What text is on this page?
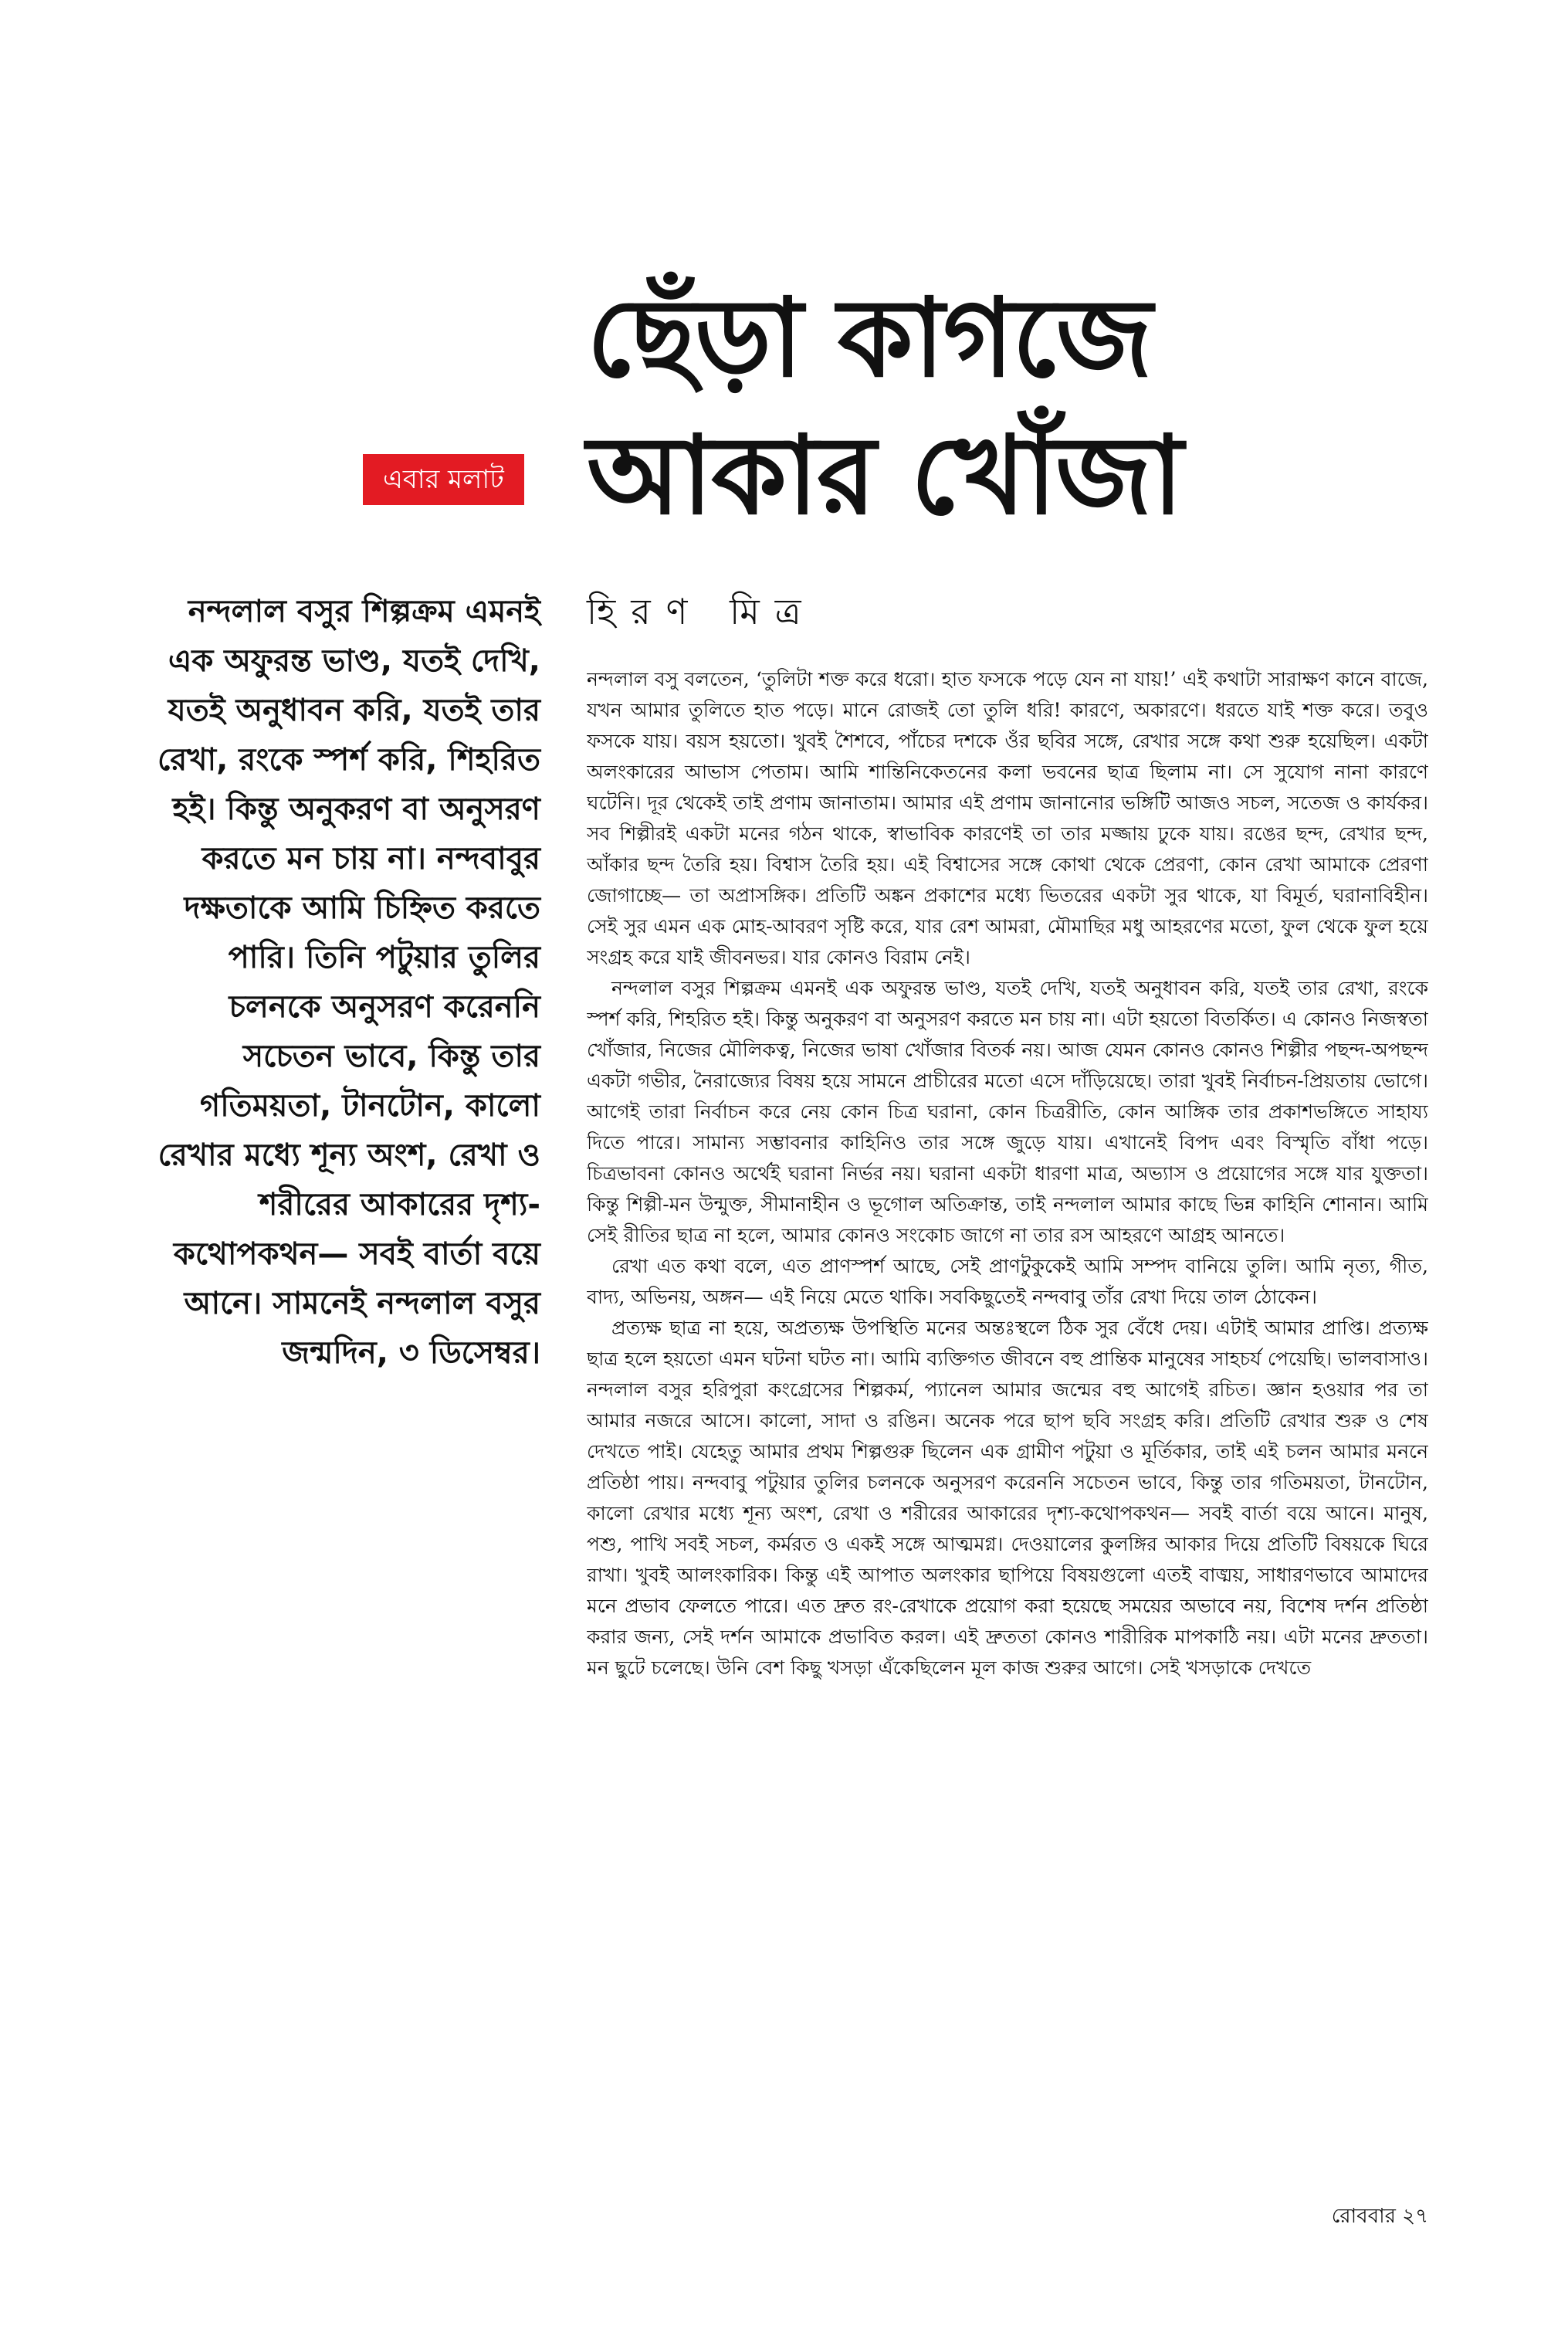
ছেঁড়া কাগজে
আকার খোঁজা
এবার মলাট

নন্দলাল বসুর শিল্পক্রম এমনই এক অফুরন্ত ভাণ্ড, যতই দেখি, যতই অনুধাবন করি, যতই তার রেখা, রংকে স্পর্শ করি, শিহরিত হই। কিন্তু অনুকরণ বা অনুসরণ করতে মন চায় না। নন্দবাবুর দক্ষতাকে আমি চিহ্নিত করতে পারি। তিনি পটুয়ার তুলির চলনকে অনুসরণ করেননি সচেতন ভাবে, কিন্তু তার গতিময়তা, টানটোন, কালো রেখার মধ্যে শূন্য অংশ, রেখা ও শরীরের আকারের দৃশ্য-কথোপকথন— সবই বার্তা বয়ে আনে। সামনেই নন্দলাল বসুর জন্মদিন, ৩ ডিসেম্বর।

হিরণ মিত্র

নন্দলাল বসু বলতেন, ‘তুলিটা শক্ত করে ধরো। হাত ফসকে পড়ে যেন না যায়!’ এই কথাটা সারাক্ষণ কানে বাজে, যখন আমার তুলিতে হাত পড়ে। মানে রোজই তো তুলি ধরি! কারণে, অকারণে। ধরতে যাই শক্ত করে। তবুও ফসকে যায়। বয়স হয়তো। খুবই শৈশবে, পাঁচের দশকে ওঁর ছবির সঙ্গে, রেখার সঙ্গে কথা শুরু হয়েছিল। একটা অলংকারের আভাস পেতাম। আমি শান্তিনিকেতনের কলা ভবনের ছাত্র ছিলাম না। সে সুযোগ নানা কারণে ঘটেনি। দূর থেকেই তাই প্রণাম জানাতাম। আমার এই প্রণাম জানানোর ভঙ্গিটি আজও সচল, সতেজ ও কার্যকর। সব শিল্পীরই একটা মনের গঠন থাকে, স্বাভাবিক কারণেই তা তার মজ্জায় ঢুকে যায়। রঙের ছন্দ, রেখার ছন্দ, আঁকার ছন্দ তৈরি হয়। বিশ্বাস তৈরি হয়। এই বিশ্বাসের সঙ্গে কোথা থেকে প্রেরণা, কোন রেখা আমাকে প্রেরণা জোগাচ্ছে— তা অপ্রাসঙ্গিক। প্রতিটি অঙ্কন প্রকাশের মধ্যে ভিতরের একটা সুর থাকে, যা বিমূর্ত, ঘরানাবিহীন। সেই সুর এমন এক মোহ-আবরণ সৃষ্টি করে, যার রেশ আমরা, মৌমাছির মধু আহরণের মতো, ফুল থেকে ফুল হয়ে সংগ্রহ করে যাই জীবনভর। যার কোনও বিরাম নেই।

নন্দলাল বসুর শিল্পক্রম এমনই এক অফুরন্ত ভাণ্ড, যতই দেখি, যতই অনুধাবন করি, যতই তার রেখা, রংকে স্পর্শ করি, শিহরিত হই। কিন্তু অনুকরণ বা অনুসরণ করতে মন চায় না। এটা হয়তো বিতর্কিত। এ কোনও নিজস্বতা খোঁজার, নিজের মৌলিকত্ব, নিজের ভাষা খোঁজার বিতর্ক নয়। আজ যেমন কোনও কোনও শিল্পীর পছন্দ-অপছন্দ একটা গভীর, নৈরাজ্যের বিষয় হয়ে সামনে প্রাচীরের মতো এসে দাঁড়িয়েছে। তারা খুবই নির্বাচন-প্রিয়তায় ভোগে। আগেই তারা নির্বাচন করে নেয় কোন চিত্র ঘরানা, কোন চিত্ররীতি, কোন আঙ্গিক তার প্রকাশভঙ্গিতে সাহায্য দিতে পারে। সামান্য সম্ভাবনার কাহিনিও তার সঙ্গে জুড়ে যায়। এখানেই বিপদ এবং বিস্মৃতি বাঁধা পড়ে। চিত্রভাবনা কোনও অর্থেই ঘরানা নির্ভর নয়। ঘরানা একটা ধারণা মাত্র, অভ্যাস ও প্রয়োগের সঙ্গে যার যুক্ততা। কিন্তু শিল্পী-মন উন্মুক্ত, সীমানাহীন ও ভূগোল অতিক্রান্ত, তাই নন্দলাল আমার কাছে ভিন্ন কাহিনি শোনান। আমি সেই রীতির ছাত্র না হলে, আমার কোনও সংকোচ জাগে না তার রস আহরণে আগ্রহ আনতে।

রেখা এত কথা বলে, এত প্রাণস্পর্শ আছে, সেই প্রাণটুকুকেই আমি সম্পদ বানিয়ে তুলি। আমি নৃত্য, গীত, বাদ্য, অভিনয়, অঙ্গন— এই নিয়ে মেতে থাকি। সবকিছুতেই নন্দবাবু তাঁর রেখা দিয়ে তাল ঠোকেন।

প্রত্যক্ষ ছাত্র না হয়ে, অপ্রত্যক্ষ উপস্থিতি মনের অন্তঃস্থলে ঠিক সুর বেঁধে দেয়। এটাই আমার প্রাপ্তি। প্রত্যক্ষ ছাত্র হলে হয়তো এমন ঘটনা ঘটত না। আমি ব্যক্তিগত জীবনে বহু প্রান্তিক মানুষের সাহচর্য পেয়েছি। ভালবাসাও। নন্দলাল বসুর হরিপুরা কংগ্রেসের শিল্পকর্ম, প্যানেল আমার জন্মের বহু আগেই রচিত। জ্ঞান হওয়ার পর তা আমার নজরে আসে। কালো, সাদা ও রঙিন। অনেক পরে ছাপ ছবি সংগ্রহ করি। প্রতিটি রেখার শুরু ও শেষ দেখতে পাই। যেহেতু আমার প্রথম শিল্পগুরু ছিলেন এক গ্রামীণ পটুয়া ও মূর্তিকার, তাই এই চলন আমার মননে প্রতিষ্ঠা পায়। নন্দবাবু পটুয়ার তুলির চলনকে অনুসরণ করেননি সচেতন ভাবে, কিন্তু তার গতিময়তা, টানটোন, কালো রেখার মধ্যে শূন্য অংশ, রেখা ও শরীরের আকারের দৃশ্য-কথোপকথন— সবই বার্তা বয়ে আনে। মানুষ, পশু, পাখি সবই সচল, কর্মরত ও একই সঙ্গে আত্মমগ্ন। দেওয়ালের কুলঙ্গির আকার দিয়ে প্রতিটি বিষয়কে ঘিরে রাখা। খুবই আলংকারিক। কিন্তু এই আপাত অলংকার ছাপিয়ে বিষয়গুলো এতই বাঙ্ময়, সাধারণভাবে আমাদের মনে প্রভাব ফেলতে পারে। এত দ্রুত রং-রেখাকে প্রয়োগ করা হয়েছে সময়ের অভাবে নয়, বিশেষ দর্শন প্রতিষ্ঠা করার জন্য, সেই দর্শন আমাকে প্রভাবিত করল। এই দ্রুততা কোনও শারীরিক মাপকাঠি নয়। এটা মনের দ্রুততা। মন ছুটে চলেছে। উনি বেশ কিছু খসড়া এঁকেছিলেন মূল কাজ শুরুর আগে। সেই খসড়াকে দেখতে

রোববার ২৭
